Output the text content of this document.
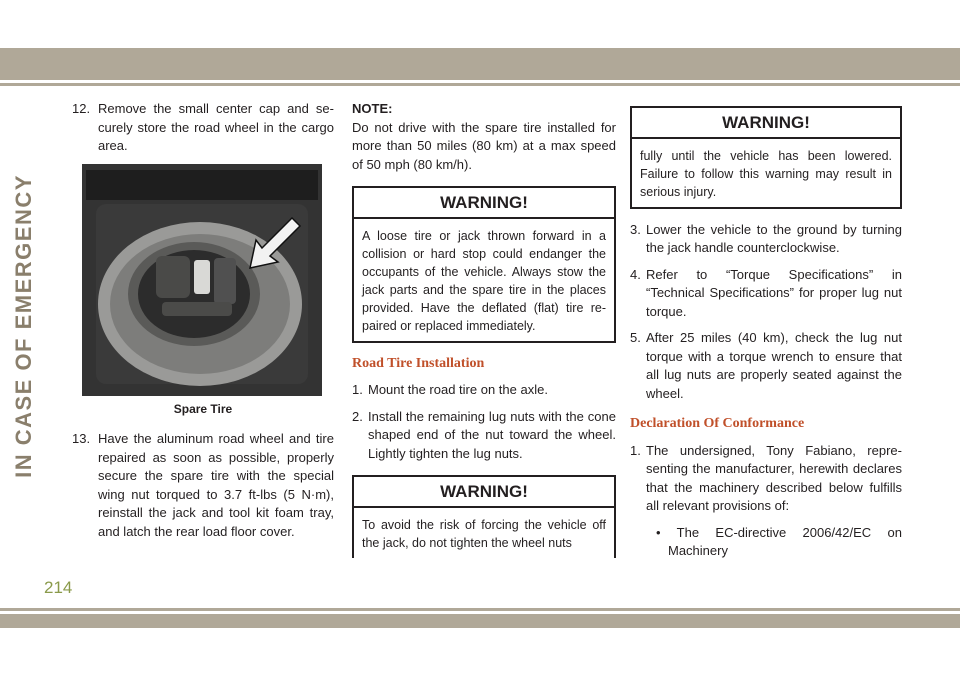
IN CASE OF EMERGENCY
12. Remove the small center cap and securely store the road wheel in the cargo area.
Spare Tire
13. Have the aluminum road wheel and tire repaired as soon as possible, properly secure the spare tire with the special wing nut torqued to 3.7 ft-lbs (5 N·m), reinstall the jack and tool kit foam tray, and latch the rear load floor cover.
NOTE:
Do not drive with the spare tire installed for more than 50 miles (80 km) at a max speed of 50 mph (80 km/h).
WARNING!
A loose tire or jack thrown forward in a collision or hard stop could endanger the occupants of the vehicle. Always stow the jack parts and the spare tire in the places provided. Have the deflated (flat) tire repaired or replaced immediately.
Road Tire Installation
1. Mount the road tire on the axle.
2. Install the remaining lug nuts with the cone shaped end of the nut toward the wheel. Lightly tighten the lug nuts.
WARNING!
To avoid the risk of forcing the vehicle off the jack, do not tighten the wheel nuts
WARNING!
fully until the vehicle has been lowered. Failure to follow this warning may result in serious injury.
3. Lower the vehicle to the ground by turning the jack handle counterclockwise.
4. Refer to “Torque Specifications” in “Technical Specifications” for proper lug nut torque.
5. After 25 miles (40 km), check the lug nut torque with a torque wrench to ensure that all lug nuts are properly seated against the wheel.
Declaration Of Conformance
1. The undersigned, Tony Fabiano, representing the manufacturer, herewith declares that the machinery described below fulfills all relevant provisions of:
• The EC-directive 2006/42/EC on Machinery
214
